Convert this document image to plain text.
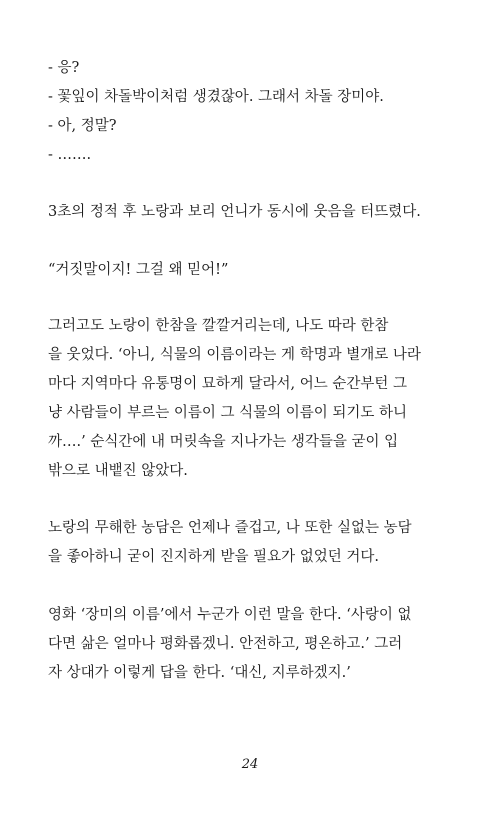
- 응?
- 꽃잎이 차돌박이처럼 생겼잖아. 그래서 차돌 장미야.
- 아, 정말?
- …….
3초의 정적 후 노랑과 보리 언니가 동시에 웃음을 터뜨렸다.
“거짓말이지! 그걸 왜 믿어!”
그러고도 노랑이 한참을 깔깔거리는데, 나도 따라 한참
을 웃었다. ‘아니, 식물의 이름이라는 게 학명과 별개로 나라
마다 지역마다 유통명이 묘하게 달라서, 어느 순간부턴 그
냥 사람들이 부르는 이름이 그 식물의 이름이 되기도 하니
까….’ 순식간에 내 머릿속을 지나가는 생각들을 굳이 입
밖으로 내뱉진 않았다.
노랑의 무해한 농담은 언제나 즐겁고, 나 또한 실없는 농담
을 좋아하니 굳이 진지하게 받을 필요가 없었던 거다.
영화 ‘장미의 이름’에서 누군가 이런 말을 한다. ‘사랑이 없
다면 삶은 얼마나 평화롭겠니. 안전하고, 평온하고.’ 그러
자 상대가 이렇게 답을 한다. ‘대신, 지루하겠지.’
24
